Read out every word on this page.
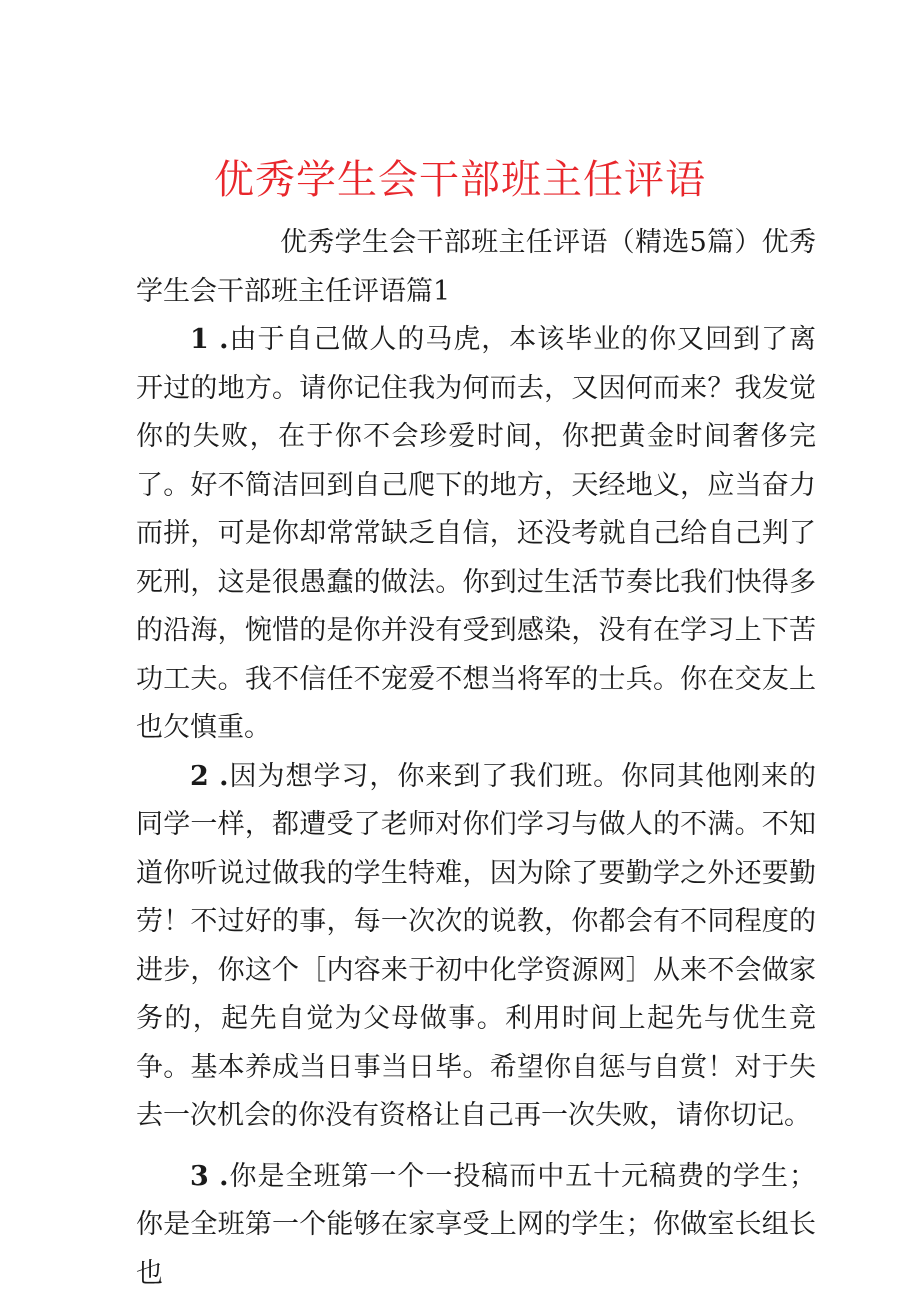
优秀学生会干部班主任评语

优秀学生会干部班主任评语（精选5篇）优秀学生会干部班主任评语篇1

1 .由于自己做人的马虎，本该毕业的你又回到了离开过的地方。请你记住我为何而去，又因何而来？我发觉你的失败，在于你不会珍爱时间，你把黄金时间奢侈完了。好不简洁回到自己爬下的地方，天经地义，应当奋力而拼，可是你却常常缺乏自信，还没考就自己给自己判了死刑，这是很愚蠢的做法。你到过生活节奏比我们快得多的沿海，惋惜的是你并没有受到感染，没有在学习上下苦功工夫。我不信任不宠爱不想当将军的士兵。你在交友上也欠慎重。

2 .因为想学习，你来到了我们班。你同其他刚来的同学一样，都遭受了老师对你们学习与做人的不满。不知道你听说过做我的学生特难，因为除了要勤学之外还要勤劳！不过好的事，每一次次的说教，你都会有不同程度的进步，你这个［内容来于初中化学资源网］从来不会做家务的，起先自觉为父母做事。利用时间上起先与优生竞争。基本养成当日事当日毕。希望你自惩与自赏！对于失去一次机会的你没有资格让自己再一次失败，请你切记。

3 .你是全班第一个一投稿而中五十元稿费的学生；你是全班第一个能够在家享受上网的学生；你做室长组长也
